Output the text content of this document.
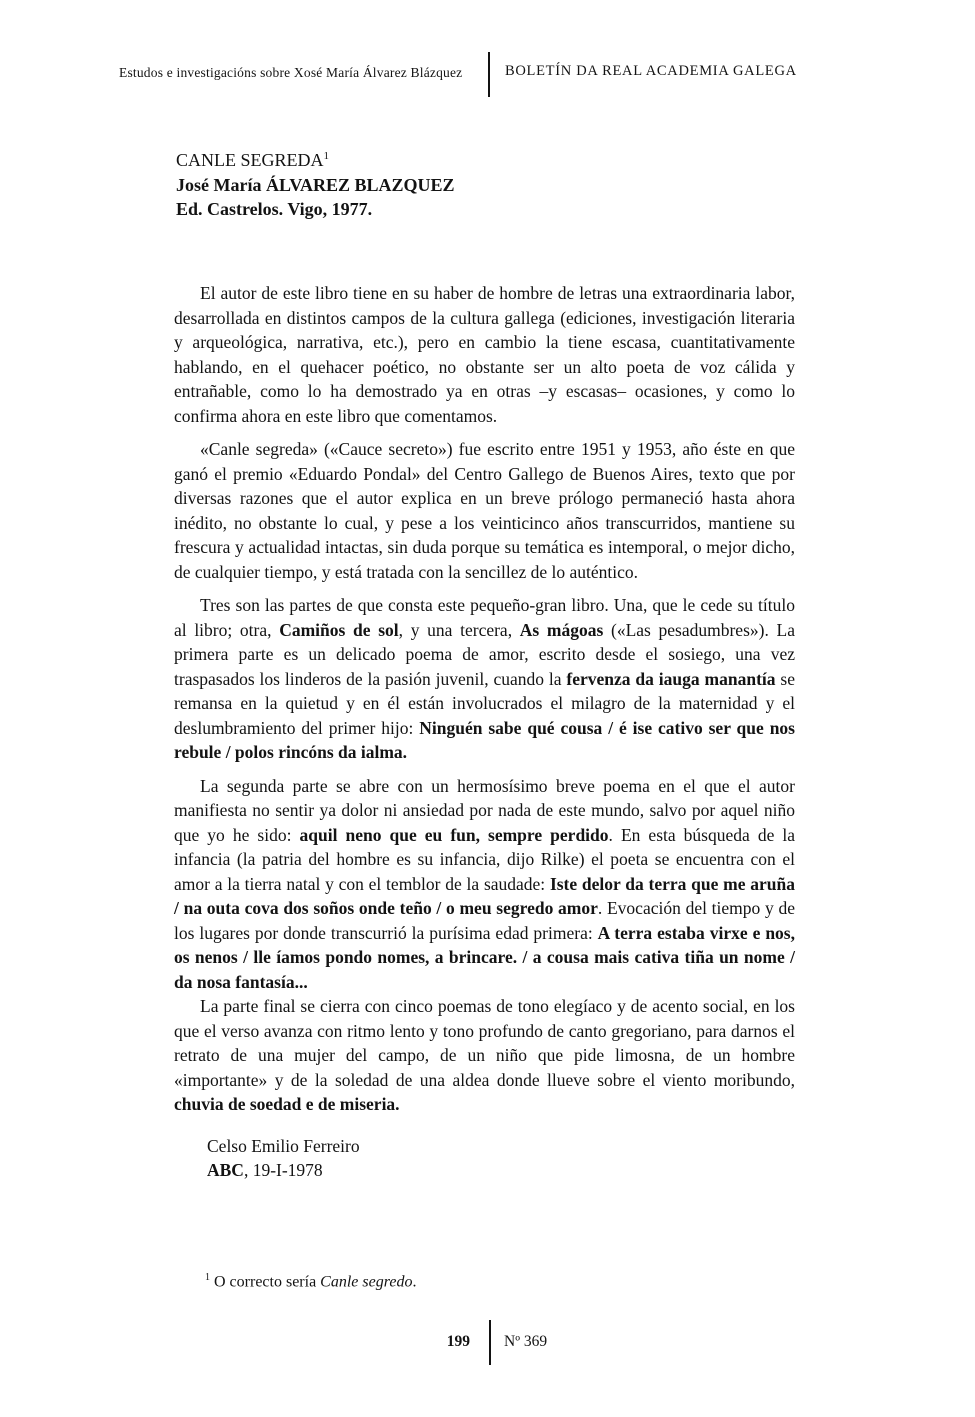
Estudos e investigacións sobre Xosé María Álvarez Blázquez	BOLETÍN DA REAL ACADEMIA GALEGA
CANLE SEGREDA$^1$
José María ÁLVAREZ BLAZQUEZ
Ed. Castrelos. Vigo, 1977.

El autor de este libro tiene en su haber de hombre de letras una extraordinaria labor, desarrollada en distintos campos de la cultura gallega (ediciones, investigación literaria y arqueológica, narrativa, etc.), pero en cambio la tiene escasa, cuantitativamente hablando, en el quehacer poético, no obstante ser un alto poeta de voz cálida y entrañable, como lo ha demostrado ya en otras –y escasas– ocasiones, y como lo confirma ahora en este libro que comentamos.

«Canle segreda» («Cauce secreto») fue escrito entre 1951 y 1953, año éste en que ganó el premio «Eduardo Pondal» del Centro Gallego de Buenos Aires, texto que por diversas razones que el autor explica en un breve prólogo permaneció hasta ahora inédito, no obstante lo cual, y pese a los veinticinco años transcurridos, mantiene su frescura y actualidad intactas, sin duda porque su temática es intemporal, o mejor dicho, de cualquier tiempo, y está tratada con la sencillez de lo auténtico.

Tres son las partes de que consta este pequeño-gran libro. Una, que le cede su título al libro; otra, Camiños de sol, y una tercera, As mágoas («Las pesadumbres»). La primera parte es un delicado poema de amor, escrito desde el sosiego, una vez traspasados los linderos de la pasión juvenil, cuando la fervenza da iauga manantía se remansa en la quietud y en él están involucrados el milagro de la maternidad y el deslumbramiento del primer hijo: Ninguén sabe qué cousa / é ise cativo ser que nos rebule / polos rincóns da ialma.

La segunda parte se abre con un hermosísimo breve poema en el que el autor manifiesta no sentir ya dolor ni ansiedad por nada de este mundo, salvo por aquel niño que yo he sido: aquil neno que eu fun, sempre perdido. En esta búsqueda de la infancia (la patria del hombre es su infancia, dijo Rilke) el poeta se encuentra con el amor a la tierra natal y con el temblor de la saudade: Iste delor da terra que me aruña / na outa cova dos soños onde teño / o meu segredo amor. Evocación del tiempo y de los lugares por donde transcurrió la purísima edad primera: A terra estaba virxe e nos, os nenos / lle íamos pondo nomes, a brincare. / a cousa mais cativa tiña un nome / da nosa fantasía...

La parte final se cierra con cinco poemas de tono elegíaco y de acento social, en los que el verso avanza con ritmo lento y tono profundo de canto gregoriano, para darnos el retrato de una mujer del campo, de un niño que pide limosna, de un hombre «importante» y de la soledad de una aldea donde llueve sobre el viento moribundo, chuvia de soedad e de miseria.

Celso Emilio Ferreiro
ABC, 19-I-1978
$^1$ O correcto sería Canle segredo.
199 Nº 369
